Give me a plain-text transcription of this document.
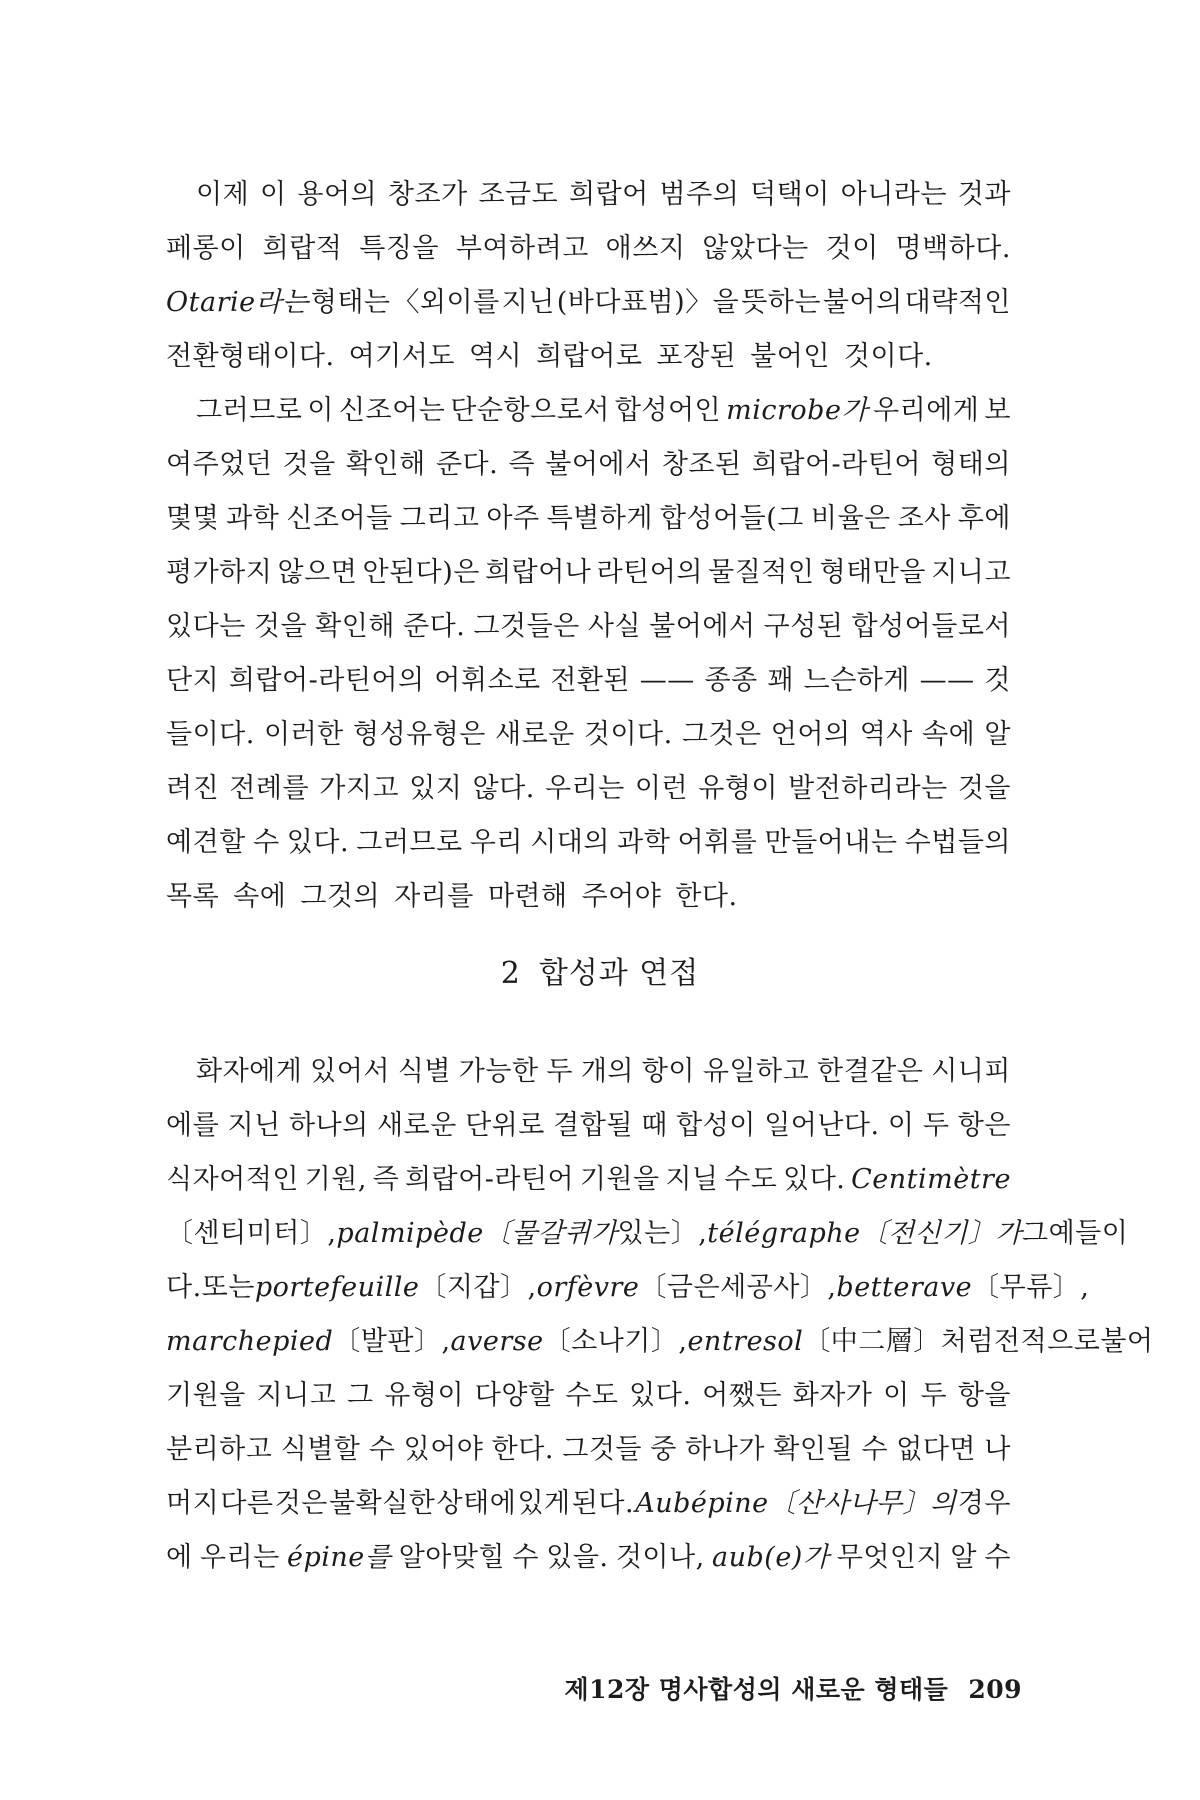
이제 이 용어의 창조가 조금도 희랍어 범주의 덕택이 아니라는 것과
페롱이 희랍적 특징을 부여하려고 애쓰지 않았다는 것이 명백하다.
Otarie라는 형태는 〈외이를 지닌 (바다표범)〉을 뜻하는 불어의 대략적인
전환형태이다. 여기서도 역시 희랍어로 포장된 불어인 것이다.
그러므로 이 신조어는 단순항으로서 합성어인 microbe가 우리에게 보
여주었던 것을 확인해 준다. 즉 불어에서 창조된 희랍어-라틴어 형태의
몇몇 과학 신조어들 그리고 아주 특별하게 합성어들(그 비율은 조사 후에
평가하지 않으면 안된다)은 희랍어나 라틴어의 물질적인 형태만을 지니고
있다는 것을 확인해 준다. 그것들은 사실 불어에서 구성된 합성어들로서
단지 희랍어-라틴어의 어휘소로 전환된 —— 종종 꽤 느슨하게 —— 것
들이다. 이러한 형성유형은 새로운 것이다. 그것은 언어의 역사 속에 알
려진 전례를 가지고 있지 않다. 우리는 이런 유형이 발전하리라는 것을
예견할 수 있다. 그러므로 우리 시대의 과학 어휘를 만들어내는 수법들의
목록 속에 그것의 자리를 마련해 주어야 한다.
2 합성과 연접
화자에게 있어서 식별 가능한 두 개의 항이 유일하고 한결같은 시니피
에를 지닌 하나의 새로운 단위로 결합될 때 합성이 일어난다. 이 두 항은
식자어적인 기원, 즉 희랍어-라틴어 기원을 지닐 수도 있다. Centimètre
〔센티미터〕, palmipède〔물갈퀴가 있는〕, télégraphe〔전신기〕가 그 예들이
다. 또는 portefeuille 〔지갑〕, orfèvre 〔금은 세공사〕, betterave 〔무류〕,
marchepied 〔발판〕, averse 〔소나기〕, entresol 〔中二層〕처럼 전적으로 불어
기원을 지니고 그 유형이 다양할 수도 있다. 어쨌든 화자가 이 두 항을
분리하고 식별할 수 있어야 한다. 그것들 중 하나가 확인될 수 없다면 나
머지 다른 것은 불확실한 상태에 있게 된다. Aubépine〔산사나무〕의 경우
에 우리는 épine를 알아맞힐 수 있을. 것이나, aub(e)가 무엇인지 알 수
제12장 명사합성의 새로운 형태들 209
